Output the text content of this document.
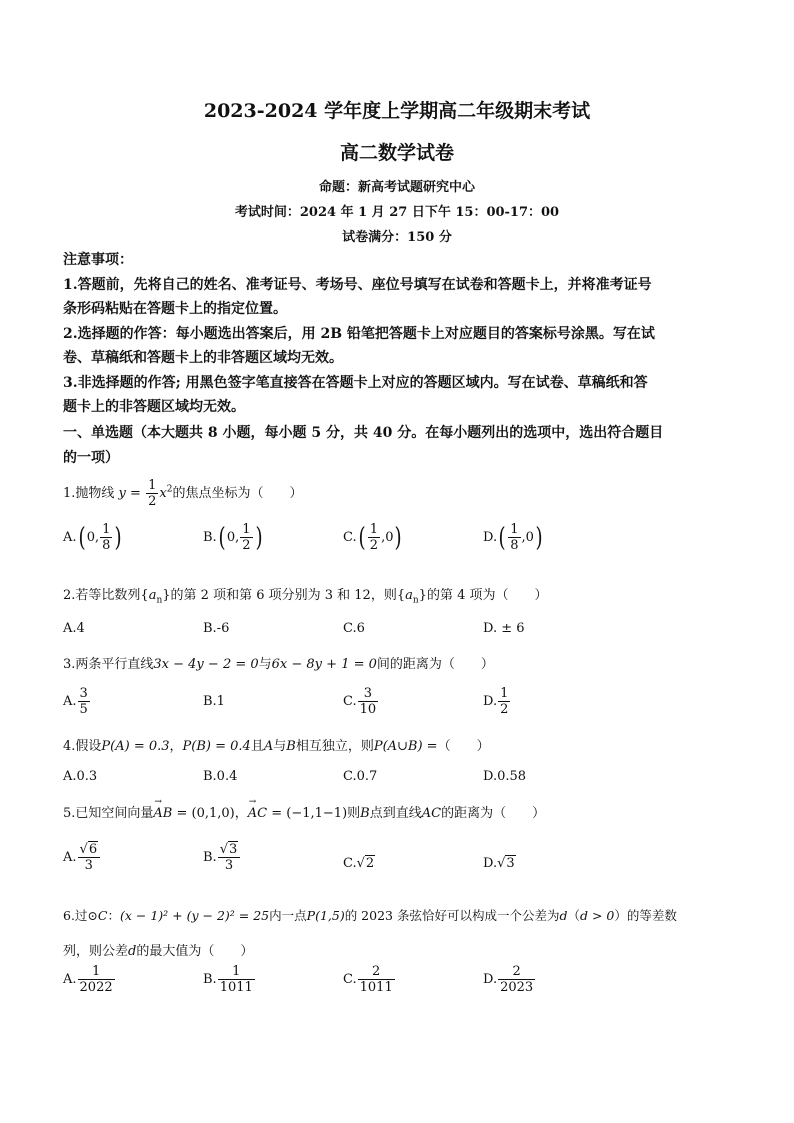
2023-2024 学年度上学期高二年级期末考试
高二数学试卷
命题：新高考试题研究中心
考试时间：2024 年 1 月 27 日下午 15：00-17：00
试卷满分：150 分
注意事项：
1.答题前，先将自己的姓名、准考证号、考场号、座位号填写在试卷和答题卡上，并将准考证号
条形码粘贴在答题卡上的指定位置。
2.选择题的作答：每小题选出答案后，用 2B 铅笔把答题卡上对应题目的答案标号涂黑。写在试
卷、草稿纸和答题卡上的非答题区域均无效。
3.非选择题的作答; 用黑色签字笔直接答在答题卡上对应的答题区域内。写在试卷、草稿纸和答
题卡上的非答题区域均无效。
一、单选题（本大题共 8 小题，每小题 5 分，共 40 分。在每小题列出的选项中，选出符合题目
的一项）
1.抛物线 $y = \frac{1}{2} x^2$的焦点坐标为（　　）
A.( 0, $\frac{1}{8}$ )	B.( 0, $\frac{1}{2}$ )	$C.( \frac{1}{2} ,0)$	$D.( \frac{1}{8} ,0)$
2.若等比数列$\{a_n\}$的第 2 项和第 6 项分别为 3 和 12，则$\{a_n\}$的第 4 项为（　　）
A.4	B.-6	C.6	D. ± 6
3.两条平行直线3x − 4y − 2 = 0与6x − 8y + 1 = 0间的距离为（　　）
A. $\frac{3}{5}$	B.1	C. $\frac{3}{10}$	D. $\frac{1}{2}$
4.假设P(A) = 0.3，P(B) = 0.4且A与B相互独立，则P(A∪B) =（　　）
A.0.3	B.0.4	C.0.7	D.0.58
5.已知空间向量→ AB = (0,1,0)，→ AC = (−1,1−1)则B点到直线AC的距离为（　　）
A. $\frac{√6}{3}$	B. $\frac{√3}{3}$	C.√2	D.√3
6.过⊙C：(x − 1)² + (y − 2)² = 25内一点P(1,5)的 2023 条弦恰好可以构成一个公差为d（d > 0）的等差数
列，则公差d的最大值为（　　）
A. $\frac{1}{2022}$	B. $\frac{1}{1011}$	C. $\frac{2}{1011}$	D. $\frac{2}{2023}$
